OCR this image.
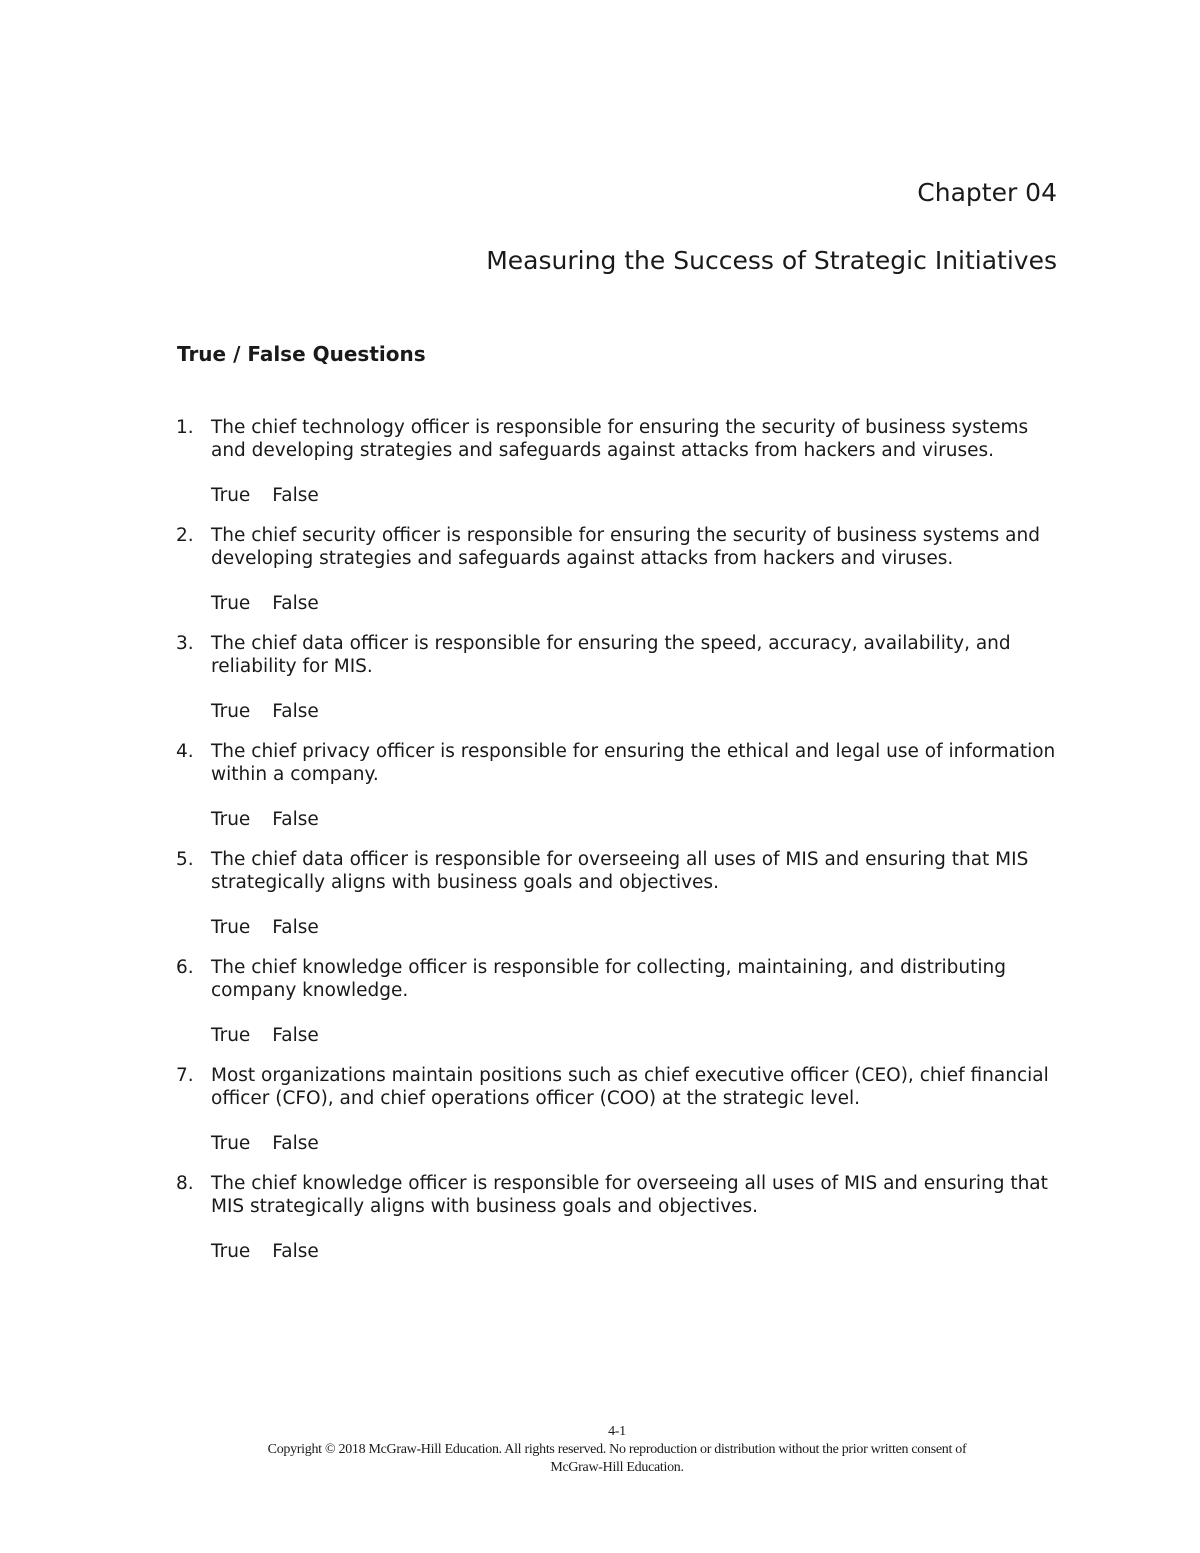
Chapter 04
Measuring the Success of Strategic Initiatives
True / False Questions
1. The chief technology officer is responsible for ensuring the security of business systems and developing strategies and safeguards against attacks from hackers and viruses.

True False
2. The chief security officer is responsible for ensuring the security of business systems and developing strategies and safeguards against attacks from hackers and viruses.

True False
3. The chief data officer is responsible for ensuring the speed, accuracy, availability, and reliability for MIS.

True False
4. The chief privacy officer is responsible for ensuring the ethical and legal use of information within a company.

True False
5. The chief data officer is responsible for overseeing all uses of MIS and ensuring that MIS strategically aligns with business goals and objectives.

True False
6. The chief knowledge officer is responsible for collecting, maintaining, and distributing company knowledge.

True False
7. Most organizations maintain positions such as chief executive officer (CEO), chief financial officer (CFO), and chief operations officer (COO) at the strategic level.

True False
8. The chief knowledge officer is responsible for overseeing all uses of MIS and ensuring that MIS strategically aligns with business goals and objectives.

True False
4-1
Copyright © 2018 McGraw-Hill Education. All rights reserved. No reproduction or distribution without the prior written consent of
McGraw-Hill Education.
